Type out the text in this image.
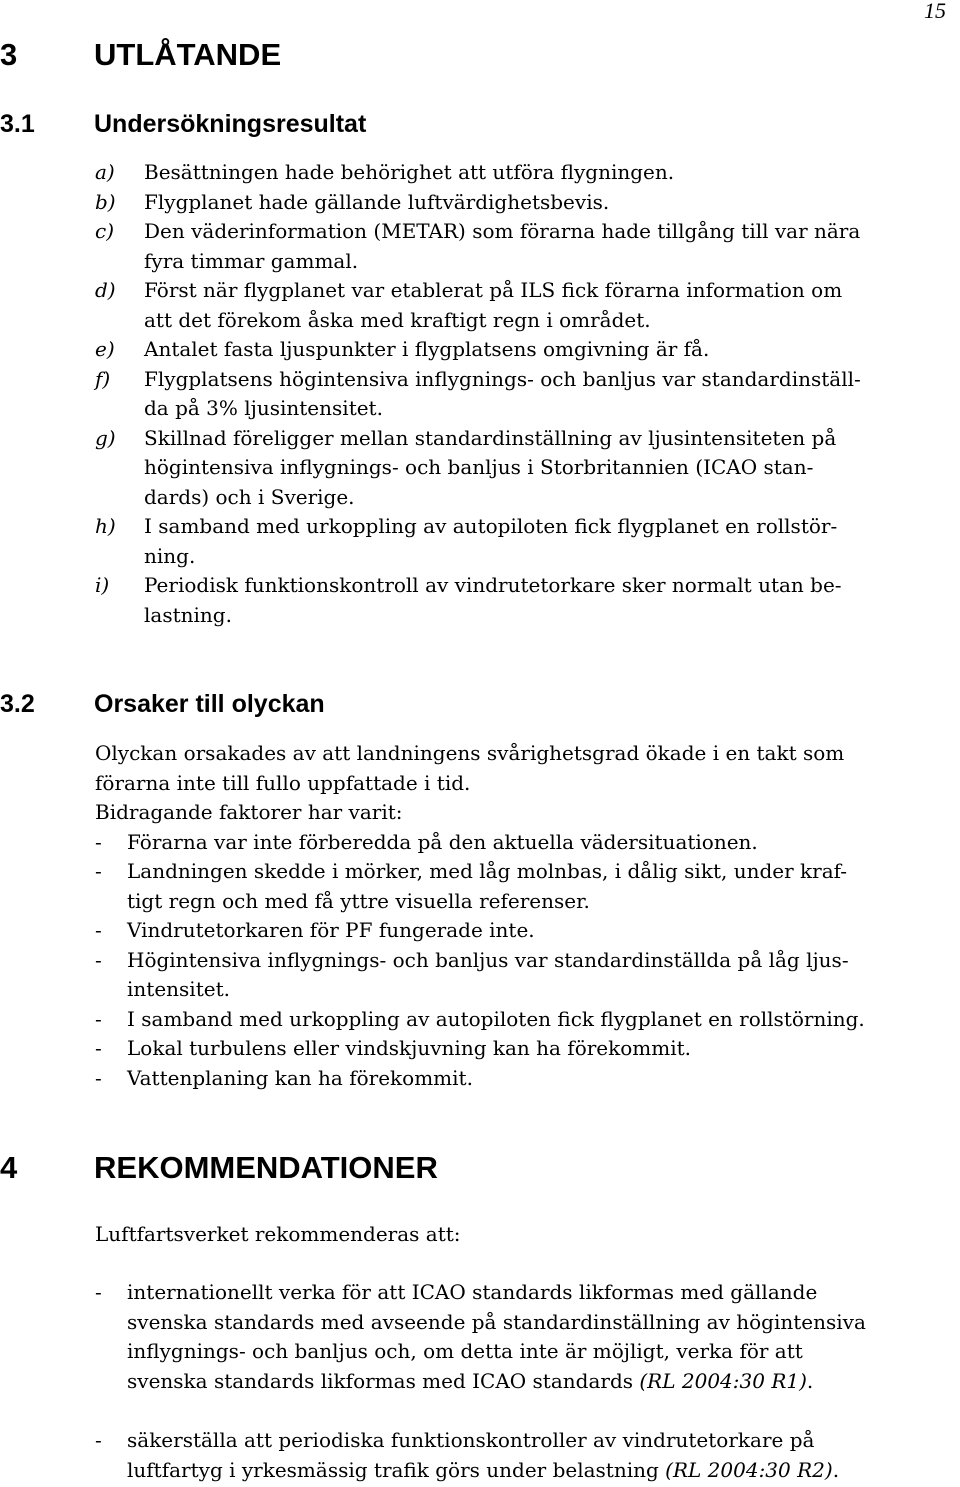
15
3 UTLÅTANDE
3.1 Undersökningsresultat
a) Besättningen hade behörighet att utföra flygningen.
b) Flygplanet hade gällande luftvärdighetsbevis.
c) Den väderinformation (METAR) som förarna hade tillgång till var nära
fyra timmar gammal.
d) Först när flygplanet var etablerat på ILS fick förarna information om
att det förekom åska med kraftigt regn i området.
e) Antalet fasta ljuspunkter i flygplatsens omgivning är få.
f) Flygplatsens högintensiva inflygnings- och banljus var standardinställ-
da på 3% ljusintensitet.
g) Skillnad föreligger mellan standardinställning av ljusintensiteten på
högintensiva inflygnings- och banljus i Storbritannien (ICAO stan-
dards) och i Sverige.
h) I samband med urkoppling av autopiloten fick flygplanet en rollstör-
ning.
i) Periodisk funktionskontroll av vindrutetorkare sker normalt utan be-
lastning.
3.2 Orsaker till olyckan
Olyckan orsakades av att landningens svårighetsgrad ökade i en takt som
förarna inte till fullo uppfattade i tid.
Bidragande faktorer har varit:
- Förarna var inte förberedda på den aktuella vädersituationen.
- Landningen skedde i mörker, med låg molnbas, i dålig sikt, under kraf-
tigt regn och med få yttre visuella referenser.
- Vindrutetorkaren för PF fungerade inte.
- Högintensiva inflygnings- och banljus var standardinställda på låg ljus-
intensitet.
- I samband med urkoppling av autopiloten fick flygplanet en rollstörning.
- Lokal turbulens eller vindskjuvning kan ha förekommit.
- Vattenplaning kan ha förekommit.
4 REKOMMENDATIONER
Luftfartsverket rekommenderas att:
- internationellt verka för att ICAO standards likformas med gällande
svenska standards med avseende på standardinställning av högintensiva
inflygnings- och banljus och, om detta inte är möjligt, verka för att
svenska standards likformas med ICAO standards (RL 2004:30 R1).
- säkerställa att periodiska funktionskontroller av vindrutetorkare på
luftfartyg i yrkesmässig trafik görs under belastning (RL 2004:30 R2).
